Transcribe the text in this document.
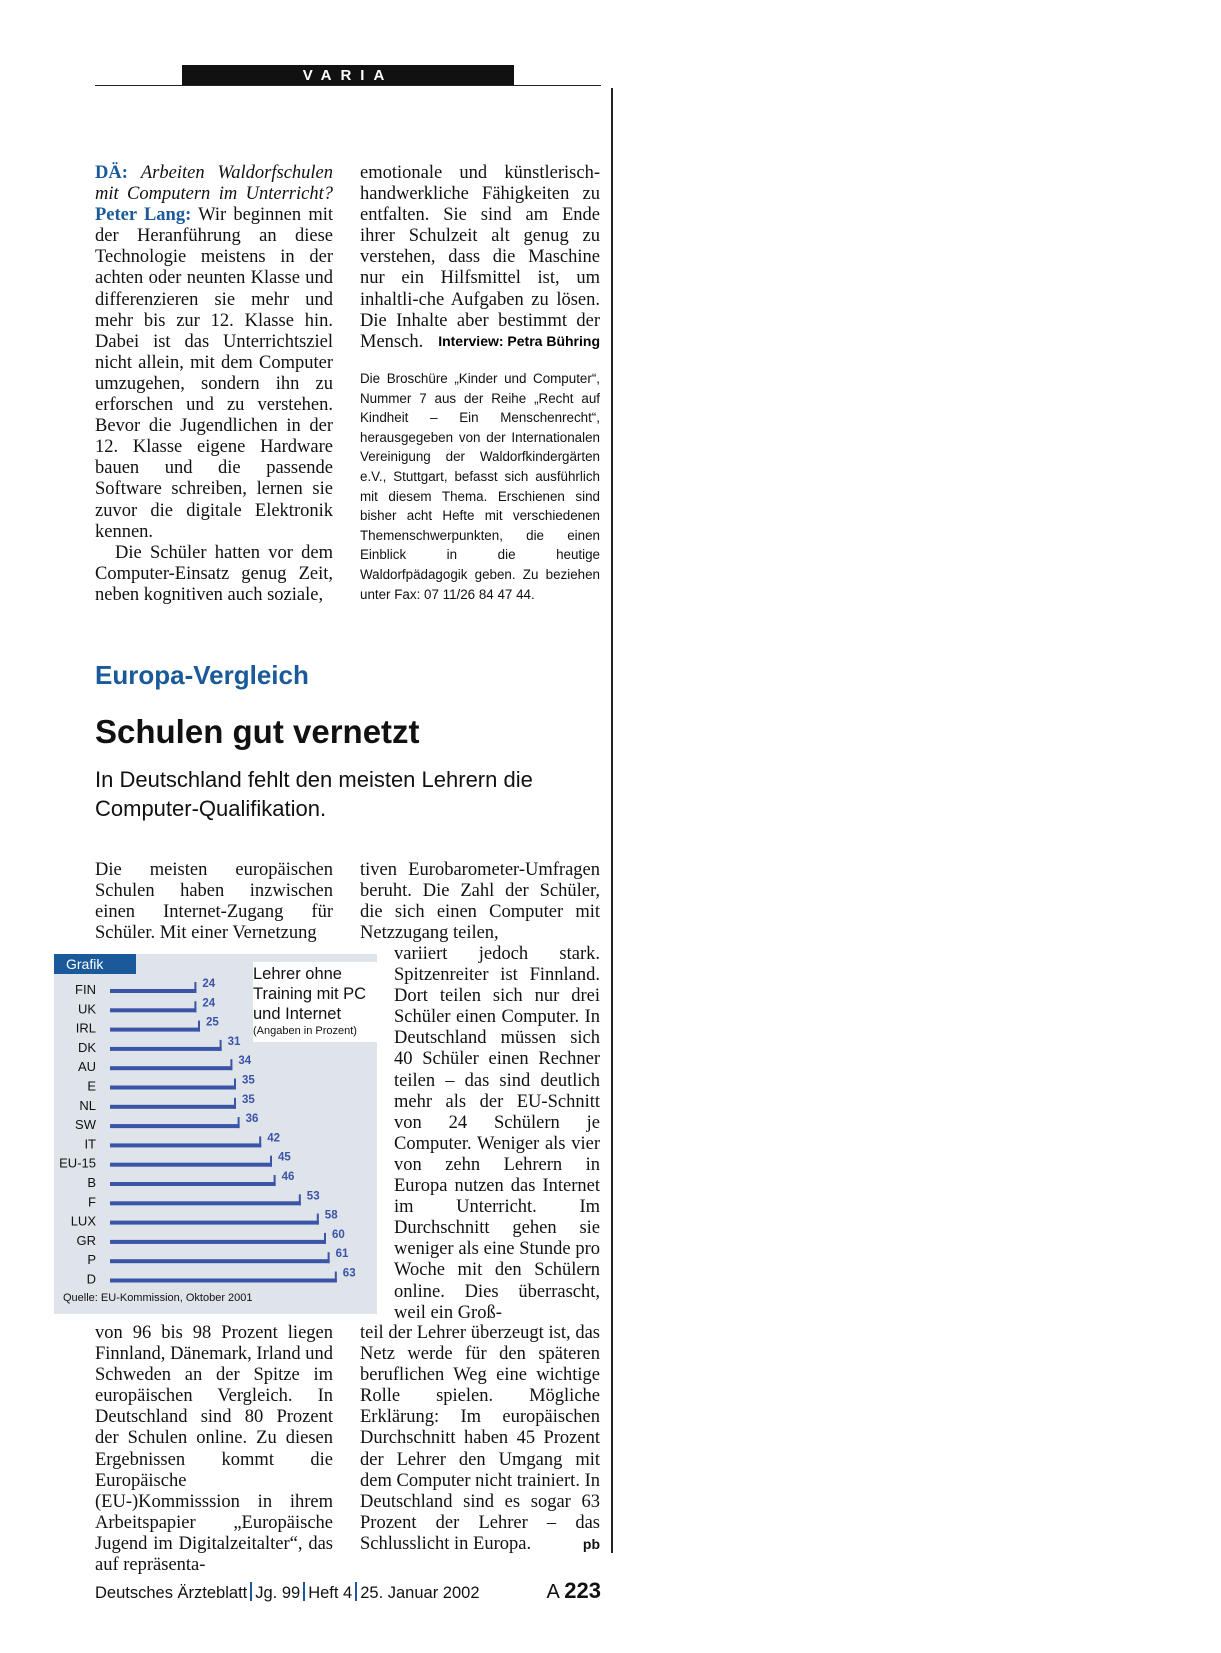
VARIA

DÄ: Arbeiten Waldorfschulen mit Computern im Unterricht? Peter Lang: Wir beginnen mit der Heranführung an diese Technologie meistens in der achten oder neunten Klasse und differenzieren sie mehr und mehr bis zur 12. Klasse hin. Dabei ist das Unterrichtsziel nicht allein, mit dem Computer umzugehen, sondern ihn zu erforschen und zu verstehen. Bevor die Jugendlichen in der 12. Klasse eigene Hardware bauen und die passende Software schreiben, lernen sie zuvor die digitale Elektronik kennen.

Die Schüler hatten vor dem Computer-Einsatz genug Zeit, neben kognitiven auch soziale,

emotionale und künstlerisch-handwerkliche Fähigkeiten zu entfalten. Sie sind am Ende ihrer Schulzeit alt genug zu verstehen, dass die Maschine nur ein Hilfsmittel ist, um inhaltli-che Aufgaben zu lösen. Die Inhalte aber bestimmt der Mensch.	Interview: Petra Bühring
Die Broschüre „Kinder und Computer“, Nummer 7 aus der Reihe „Recht auf Kindheit – Ein Menschenrecht“, herausgegeben von der Internationalen Vereinigung der Waldorfkindergärten e.V., Stuttgart, befasst sich ausführlich mit diesem Thema. Erschienen sind bisher acht Hefte mit verschiedenen Themenschwerpunkten, die einen Einblick in die heutige Waldorfpädagogik geben. Zu beziehen unter Fax: 07 11/26 84 47 44.
Europa-Vergleich
Schulen gut vernetzt
In Deutschland fehlt den meisten Lehrern die Computer-Qualifikation.

Die meisten europäischen Schulen haben inzwischen einen Internet-Zugang für Schüler. Mit einer Vernetzung

tiven Eurobarometer-Umfragen beruht. Die Zahl der Schüler, die sich einen Computer mit Netzzugang teilen,

variiert jedoch stark. Spitzenreiter ist Finnland. Dort teilen sich nur drei Schüler einen Computer. In Deutschland müssen sich 40 Schüler einen Rechner teilen – das sind deutlich mehr als der EU-Schnitt von 24 Schülern je Computer. Weniger als vier von zehn Lehrern in Europa nutzen das Internet im Unterricht. Im Durchschnitt gehen sie weniger als eine Stunde pro Woche mit den Schülern online. Dies überrascht, weil ein Groß-

von 96 bis 98 Prozent liegen Finnland, Dänemark, Irland und Schweden an der Spitze im europäischen Vergleich. In Deutschland sind 80 Prozent der Schulen online. Zu diesen Ergebnissen kommt die Europäische (EU-)Kommisssion in ihrem Arbeitspapier „Europäische Jugend im Digitalzeitalter“, das auf repräsenta-

teil der Lehrer überzeugt ist, das Netz werde für den späteren beruflichen Weg eine wichtige Rolle spielen. Mögliche Erklärung: Im europäischen Durchschnitt haben 45 Prozent der Lehrer den Umgang mit dem Computer nicht trainiert. In Deutschland sind es sogar 63 Prozent der Lehrer – das Schlusslicht in Europa.	pb

FIN	24
UK	24
IRL	25
DK	31
AU	34
E	35
NL	35
SW	36
IT	42
EU-15	45
B	46
F	53
LUX	58
GR	60
P	61
D	63
Grafik
Lehrer ohne Training mit PC und Internet
(Angaben in Prozent)
Quelle: EU-Kommission, Oktober 2001
Deutsches Ärzteblatt Jg. 99 Heft 4 25. Januar 2002	A 223
